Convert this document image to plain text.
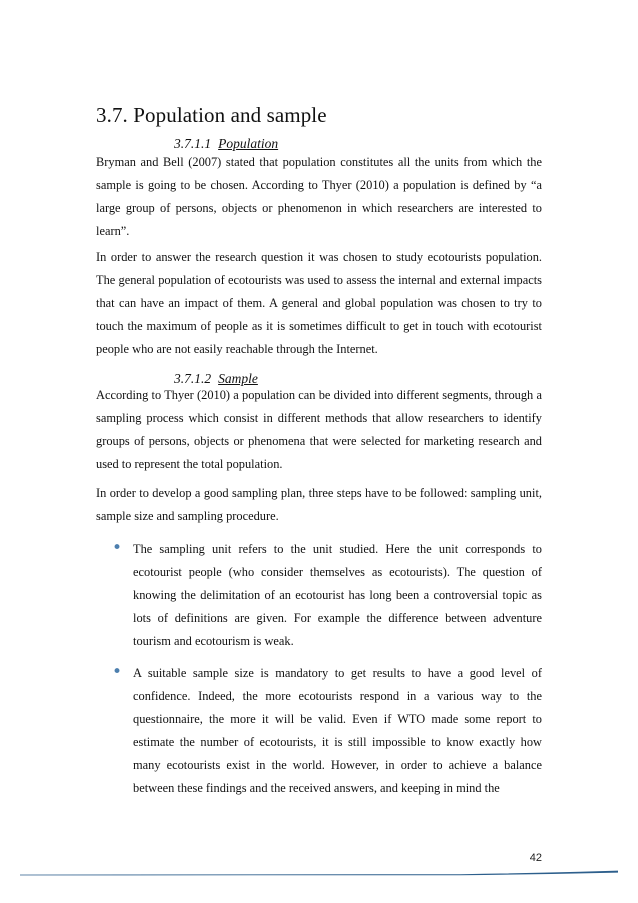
3.7. Population and sample
3.7.1.1 Population

Bryman and Bell (2007) stated that population constitutes all the units from which the sample is going to be chosen. According to Thyer (2010) a population is defined by “a large group of persons, objects or phenomenon in which researchers are interested to learn”.

In order to answer the research question it was chosen to study ecotourists population. The general population of ecotourists was used to assess the internal and external impacts that can have an impact of them. A general and global population was chosen to try to touch the maximum of people as it is sometimes difficult to get in touch with ecotourist people who are not easily reachable through the Internet.

3.7.1.2 Sample

According to Thyer (2010) a population can be divided into different segments, through a sampling process which consist in different methods that allow researchers to identify groups of persons, objects or phenomena that were selected for marketing research and used to represent the total population.

In order to develop a good sampling plan, three steps have to be followed: sampling unit, sample size and sampling procedure.

• The sampling unit refers to the unit studied. Here the unit corresponds to ecotourist people (who consider themselves as ecotourists). The question of knowing the delimitation of an ecotourist has long been a controversial topic as lots of definitions are given. For example the difference between adventure tourism and ecotourism is weak.
• A suitable sample size is mandatory to get results to have a good level of confidence. Indeed, the more ecotourists respond in a various way to the questionnaire, the more it will be valid. Even if WTO made some report to estimate the number of ecotourists, it is still impossible to know exactly how many ecotourists exist in the world. However, in order to achieve a balance between these findings and the received answers, and keeping in mind the
42
